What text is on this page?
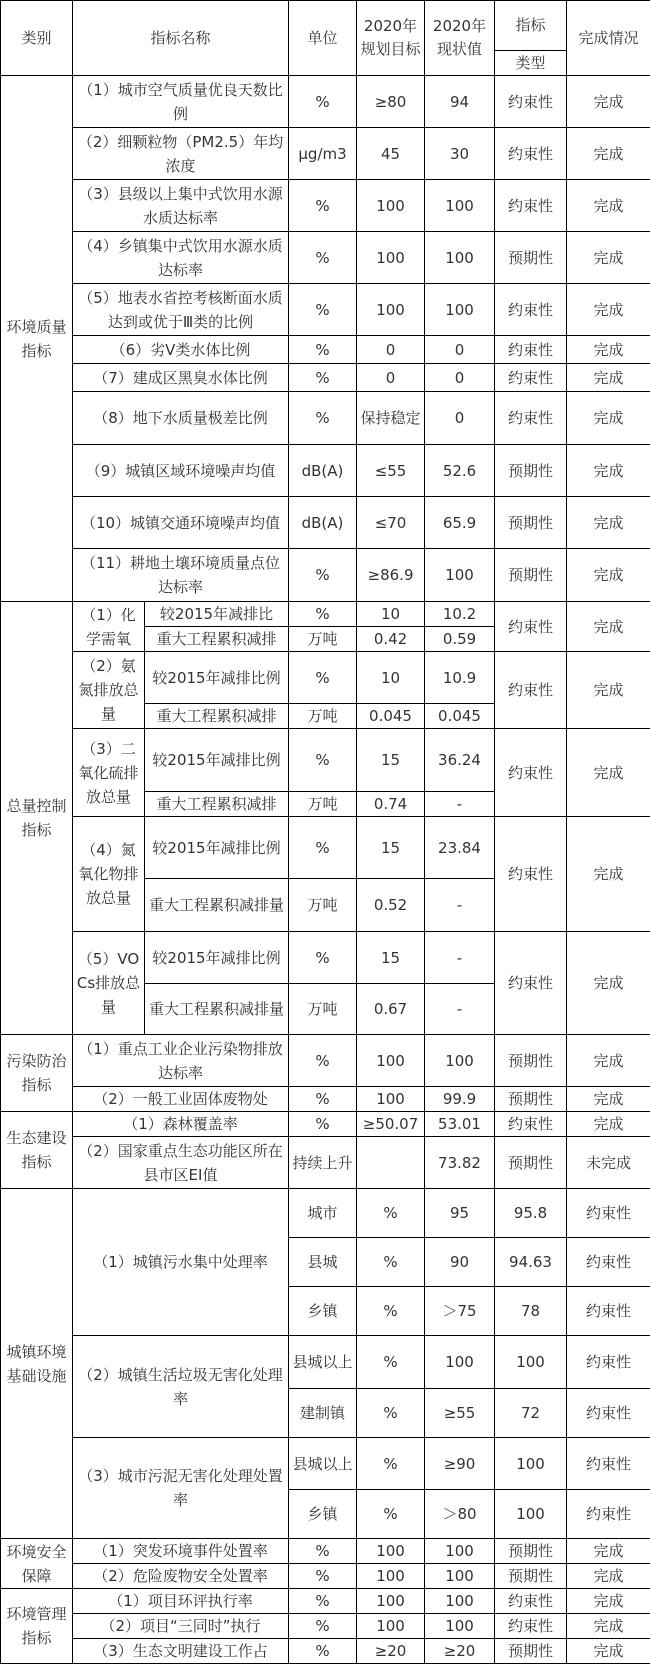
类别	指标名称		单位	2020年规划目标	2020年现状值	指标	完成情况	
						类型		
环境质量指标	（1）城市空气质量优良天数比例		%	≥80	94	约束性	完成	
	（2）细颗粒物（PM2.5）年均浓度		μg/m3	45	30	约束性	完成	
	（3）县级以上集中式饮用水源水质达标率		%	100	100	约束性	完成	
	（4）乡镇集中式饮用水源水质达标率		%	100	100	预期性	完成	
	（5）地表水省控考核断面水质达到或优于Ⅲ类的比例		%	100	100	约束性	完成	
	（6）劣Ⅴ类水体比例		%	0	0	约束性	完成	
	（7）建成区黑臭水体比例		%	0	0	约束性	完成	
	（8）地下水质量极差比例		%	保持稳定	0	约束性	完成	
	（9）城镇区域环境噪声均值		dB(A)	≤55	52.6	预期性	完成	
	（10）城镇交通环境噪声均值		dB(A)	≤70	65.9	预期性	完成	
	（11）耕地土壤环境质量点位达标率		%	≥86.9	100	预期性	完成	
总量控制指标	（1）化学需氧	较2015年减排比	%	10	10.2	约束性	完成	
		重大工程累积减排	万吨	0.42	0.59			
	（2）氨氮排放总量	较2015年减排比例	%	10	10.9	约束性	完成	
		重大工程累积减排	万吨	0.045	0.045			
	（3）二氧化硫排放总量	较2015年减排比例	%	15	36.24	约束性	完成	
		重大工程累积减排	万吨	0.74	-			
	（4）氮氧化物排放总量	较2015年减排比例	%	15	23.84	约束性	完成	
		重大工程累积减排量	万吨	0.52	-			
	（5）VOCs排放总量	较2015年减排比例	%	15	-	约束性	完成	
		重大工程累积减排量	万吨	0.67	-			
污染防治指标	（1）重点工业企业污染物排放达标率		%	100	100	预期性	完成	
	（2）一般工业固体废物处		%	100	99.9	预期性	完成	
生态建设指标	（1）森林覆盖率		%	≥50.07	53.01	约束性	完成	
	（2）国家重点生态功能区所在县市区EI值		持续上升		73.82	预期性	未完成	
城镇环境基础设施	（1）城镇污水集中处理率		城市	%	95	95.8	约束性	
			县城	%	90	94.63	约束性	
			乡镇	%	＞75	78	约束性	
	（2）城镇生活垃圾无害化处理率		县城以上	%	100	100	约束性	
			建制镇	%	≥55	72	约束性	
	（3）城市污泥无害化处理处置率		县城以上	%	≥90	100	约束性	
			乡镇	%	＞80	100	约束性	
环境安全保障	（1）突发环境事件处置率		%	100	100	预期性	完成	
	（2）危险废物安全处置率		%	100	100	预期性	完成	
环境管理指标	（1）项目环评执行率		%	100	100	约束性	完成	
	（2）项目“三同时”执行		%	100	100	约束性	完成	
	（3）生态文明建设工作占		%	≥20	≥20	预期性	完成	
